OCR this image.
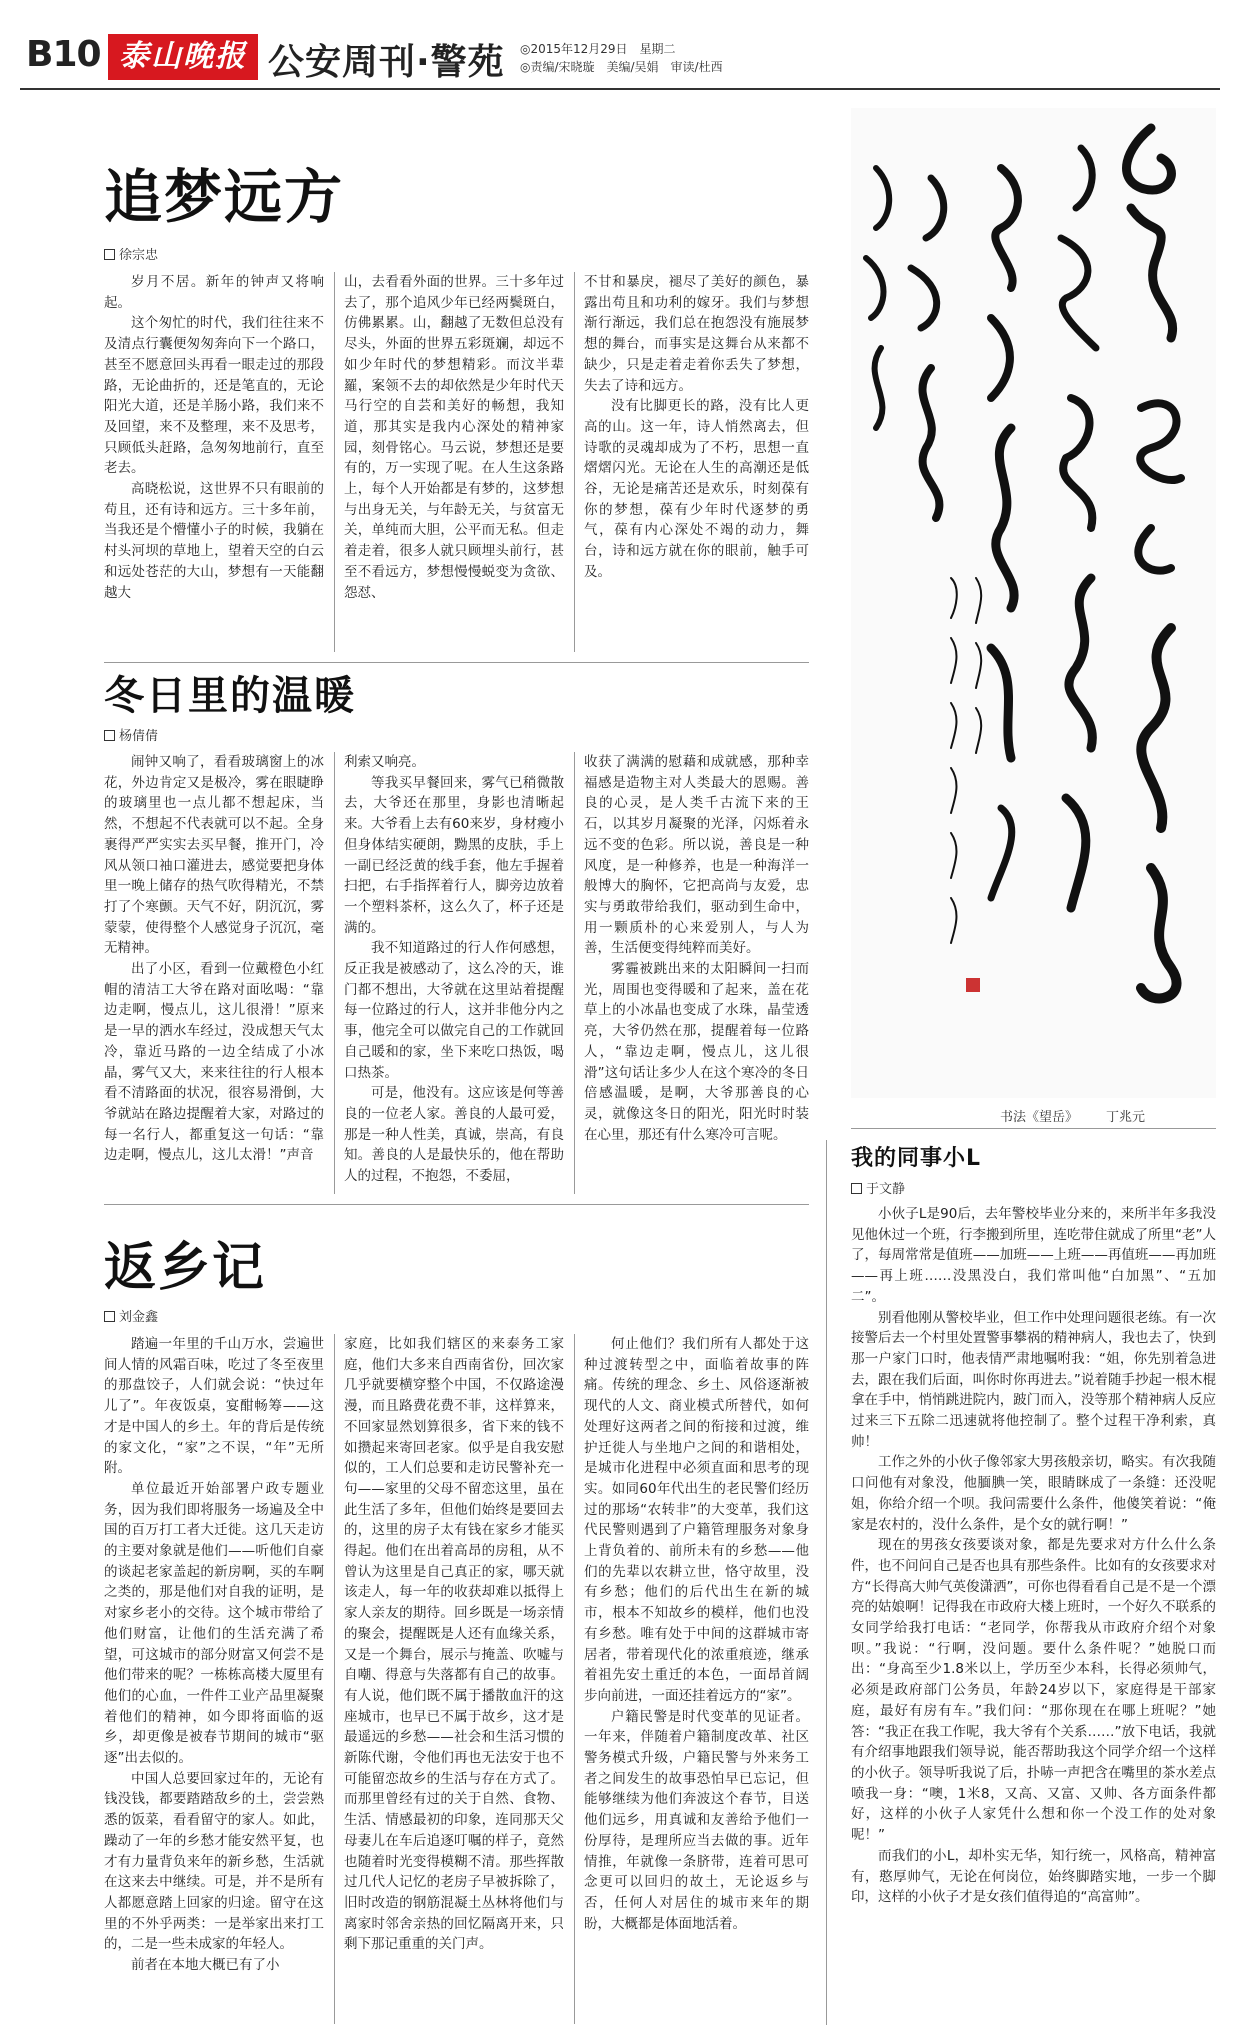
B10 泰山晚报 公安周刊·警苑 ◎2015年12月29日　星期二
◎责编/宋晓璇　美编/吴娟　审读/杜西
追梦远方
徐宗忠

岁月不居。新年的钟声又将响起。

这个匆忙的时代，我们往往来不及清点行囊便匆匆奔向下一个路口，甚至不愿意回头再看一眼走过的那段路，无论曲折的，还是笔直的，无论阳光大道，还是羊肠小路，我们来不及回望，来不及整理，来不及思考，只顾低头赶路，急匆匆地前行，直至老去。

高晓松说，这世界不只有眼前的苟且，还有诗和远方。三十多年前，当我还是个懵懂小子的时候，我躺在村头河坝的草地上，望着天空的白云和远处苍茫的大山，梦想有一天能翻越大

山，去看看外面的世界。三十多年过去了，那个追风少年已经两鬓斑白，仿佛累累。山，翻越了无数但总没有尽头，外面的世界五彩斑斓，却远不如少年时代的梦想精彩。而汶半辈羅，案领不去的却依然是少年时代天马行空的自芸和美好的畅想，我知道，那其实是我内心深处的精神家园，刻骨铭心。马云说，梦想还是要有的，万一实现了呢。在人生这条路上，每个人开始都是有梦的，这梦想与出身无关，与年龄无关，与贫富无关，单纯而大胆，公平而无私。但走着走着，很多人就只顾埋头前行，甚至不看远方，梦想慢慢蜕变为贪欲、怨怼、

不甘和暴戾，褪尽了美好的颜色，暴露出苟且和功利的嫁牙。我们与梦想渐行渐远，我们总在抱怨没有施展梦想的舞台，而事实是这舞台从来都不缺少，只是走着走着你丢失了梦想，失去了诗和远方。

没有比脚更长的路，没有比人更高的山。这一年，诗人悄然离去，但诗歌的灵魂却成为了不朽，思想一直熠熠闪光。无论在人生的高潮还是低谷，无论是痛苦还是欢乐，时刻葆有你的梦想，葆有少年时代逐梦的勇气，葆有内心深处不竭的动力，舞台，诗和远方就在你的眼前，触手可及。

冬日里的温暖
杨倩倩

闹钟又响了，看看玻璃窗上的冰花，外边肯定又是极冷，雾在眼睫睁的玻璃里也一点儿都不想起床，当然，不想起不代表就可以不起。全身裹得严严实实去买早餐，推开门，冷风从领口袖口灌进去，感觉要把身体里一晚上储存的热气吹得精光，不禁打了个寒颤。天气不好，阴沉沉，雾蒙蒙，使得整个人感觉身子沉沉，毫无精神。

出了小区，看到一位戴橙色小红帽的清洁工大爷在路对面吆喝：“靠边走啊，慢点儿，这儿很滑！”原来是一早的洒水车经过，没成想天气太冷，靠近马路的一边全结成了小冰晶，雾气又大，来来往往的行人根本看不清路面的状况，很容易滑倒，大爷就站在路边提醒着大家，对路过的每一名行人，都重复这一句话：“靠边走啊，慢点儿，这儿太滑！”声音

利索又响亮。

等我买早餐回来，雾气已稍微散去，大爷还在那里，身影也清晰起来。大爷看上去有60来岁，身材瘦小但身体结实硬朗，黝黑的皮肤，手上一副已经泛黄的线手套，他左手握着扫把，右手指挥着行人，脚旁边放着一个塑料茶杯，这么久了，杯子还是满的。

我不知道路过的行人作何感想，反正我是被感动了，这么冷的天，谁门都不想出，大爷就在这里站着提醒每一位路过的行人，这并非他分内之事，他完全可以做完自己的工作就回自己暖和的家，坐下来吃口热饭，喝口热茶。

可是，他没有。这应该是何等善良的一位老人家。善良的人最可爱，那是一种人性美，真诚，崇高，有良知。善良的人是最快乐的，他在帮助人的过程，不抱怨，不委屈，

收获了满满的慰藉和成就感，那种幸福感是造物主对人类最大的恩赐。善良的心灵，是人类千古流下来的王石，以其岁月凝聚的光泽，闪烁着永远不变的色彩。所以说，善良是一种风度，是一种修养，也是一种海洋一般博大的胸怀，它把高尚与友爱，忠实与勇敢带给我们，驱动到生命中，用一颗质朴的心来爱别人，与人为善，生活便变得纯粹而美好。

雾霾被跳出来的太阳瞬间一扫而光，周围也变得暖和了起来，盖在花草上的小冰晶也变成了水珠，晶莹透亮，大爷仍然在那，提醒着每一位路人，“靠边走啊，慢点儿，这儿很滑”这句话让多少人在这个寒冷的冬日倍感温暖，是啊，大爷那善良的心灵，就像这冬日的阳光，阳光时时装在心里，那还有什么寒冷可言呢。

返乡记
刘金鑫

踏遍一年里的千山万水，尝遍世间人情的风霜百味，吃过了冬至夜里的那盘饺子，人们就会说：“快过年儿了”。年夜饭桌，宴酣畅筹——这才是中国人的乡土。年的背后是传统的家文化，“家”之不误，“年”无所附。

单位最近开始部署户政专题业务，因为我们即将服务一场遍及全中国的百万打工者大迁徙。这几天走访的主要对象就是他们——听他们自豪的谈起老家盖起的新房啊，买的车啊之类的，那是他们对自我的证明，是对家乡老小的交待。这个城市带给了他们财富，让他们的生活充满了希望，可这城市的部分财富又何尝不是他们带来的呢？一栋栋高楼大厦里有他们的心血，一件件工业产品里凝聚着他们的精神，如今即将面临的返乡，却更像是被春节期间的城市“驱逐”出去似的。

中国人总要回家过年的，无论有钱没钱，都要踏踏敌乡的土，尝尝熟悉的饭菜，看看留守的家人。如此，躁动了一年的乡愁才能安然平复，也才有力量背负来年的新乡愁，生活就在这来去中继续。可是，并不是所有人都愿意踏上回家的归途。留守在这里的不外乎两类：一是举家出来打工的，二是一些未成家的年轻人。

前者在本地大概已有了小

家庭，比如我们辖区的来泰务工家庭，他们大多来自西南省份，回次家几乎就要横穿整个中国，不仅路途漫漫，而且路费花费不菲，这样算来，不回家显然划算很多，省下来的钱不如攒起来寄回老家。似乎是自我安慰似的，工人们总要和走访民警补充一句——家里的父母不留恋这里，虽在此生活了多年，但他们始终是要回去的，这里的房子太有钱在家乡才能买得起。他们在出着高昂的房租，从不曾认为这里是自己真正的家，哪天就该走人，每一年的收获却难以抵得上家人亲友的期待。回乡既是一场亲情的聚会，提醒既是人还有血缘关系，又是一个舞台，展示与掩盖、吹嘘与自嘲、得意与失落都有自己的故事。有人说，他们既不属于播散血汗的这座城市，也早已不属于故乡，这才是最遥远的乡愁——社会和生活习惯的新陈代谢，令他们再也无法安于也不可能留恋故乡的生活与存在方式了。而那里曾经有过的关于自然、食物、生活、情感最初的印象，连同那天父母妻儿在车后追逐叮嘱的样子，竟然也随着时光变得模糊不清。那些挥散过几代人记忆的老房子早被拆除了，旧时改造的钢筋混凝土丛林将他们与离家时邻舍亲热的回忆隔离开来，只剩下那记重重的关门声。

何止他们？我们所有人都处于这种过渡转型之中，面临着故事的阵痛。传统的理念、乡土、风俗逐渐被现代的人文、商业模式所替代，如何处理好这两者之间的衔接和过渡，维护迁徙人与坐地户之间的和谐相处，是城市化进程中必须直面和思考的现实。如同60年代出生的老民警们经历过的那场“农转非”的大变革，我们这代民警则遇到了户籍管理服务对象身上背负着的、前所未有的乡愁——他们的先辈以农耕立世，恪守故里，没有乡愁；他们的后代出生在新的城市，根本不知故乡的模样，他们也没有乡愁。唯有处于中间的这群城市寄居者，带着现代化的浓重痕迹，继承着祖先安土重迁的本色，一面昂首阔步向前进，一面还挂着远方的“家”。

户籍民警是时代变革的见证者。一年来，伴随着户籍制度改革、社区警务模式升级，户籍民警与外来务工者之间发生的故事恐怕早已忘记，但能够继续为他们奔波这个春节，目送他们远乡，用真诚和友善给予他们一份厚待，是理所应当去做的事。近年情推，年就像一条脐带，连着可思可念更可以回归的故土，无论返乡与否，任何人对居住的城市来年的期盼，大概都是体面地活着。

书法《望岳》 丁兆元
我的同事小L
于文静

小伙子L是90后，去年警校毕业分来的，来所半年多我没见他休过一个班，行李搬到所里，连吃带住就成了所里“老”人了，每周常常是值班——加班——上班——再值班——再加班——再上班……没黑没白，我们常叫他“白加黑”、“五加二”。

别看他刚从警校毕业，但工作中处理问题很老练。有一次接警后去一个村里处置警事攀祸的精神病人，我也去了，快到那一户家门口时，他表情严肃地嘱咐我：“姐，你先别着急进去，跟在我们后面，叫你时你再进去。”说着随手抄起一根木棍拿在手中，悄悄跳进院内，跛门而入，没等那个精神病人反应过来三下五除二迅速就将他控制了。整个过程干净利索，真帅！

工作之外的小伙子像邻家大男孩般亲切，略实。有次我随口问他有对象没，他腼腆一笑，眼睛眯成了一条缝：还没呢姐，你给介绍一个呗。我问需要什么条件，他傻笑着说：“俺家是农村的，没什么条件，是个女的就行啊！”

现在的男孩女孩要谈对象，都是先要求对方什么什么条件，也不问问自己是否也具有那些条件。比如有的女孩要求对方“长得高大帅气英俊潇洒”，可你也得看看自己是不是一个漂亮的姑娘啊！记得我在市政府大楼上班时，一个好久不联系的女同学给我打电话：“老同学，你帮我从市政府介绍个对象呗。”我说：“行啊，没问题。要什么条件呢？”她脱口而出：“身高至少1.8米以上，学历至少本科，长得必须帅气，必须是政府部门公务员，年龄24岁以下，家庭得是干部家庭，最好有房有车。”我们问：“那你现在在哪上班呢？”她答：“我正在我工作呢，我大爷有个关系……”放下电话，我就有介绍事地跟我们领导说，能否帮助我这个同学介绍一个这样的小伙子。领导听我说了后，扑哧一声把含在嘴里的茶水差点喷我一身：“噢，1米8，又高、又富、又帅、各方面条件都好，这样的小伙子人家凭什么想和你一个没工作的处对象呢！”

而我们的小L，却朴实无华，知行统一，风格高，精神富有，憨厚帅气，无论在何岗位，始终脚踏实地，一步一个脚印，这样的小伙子才是女孩们值得追的“高富帅”。
